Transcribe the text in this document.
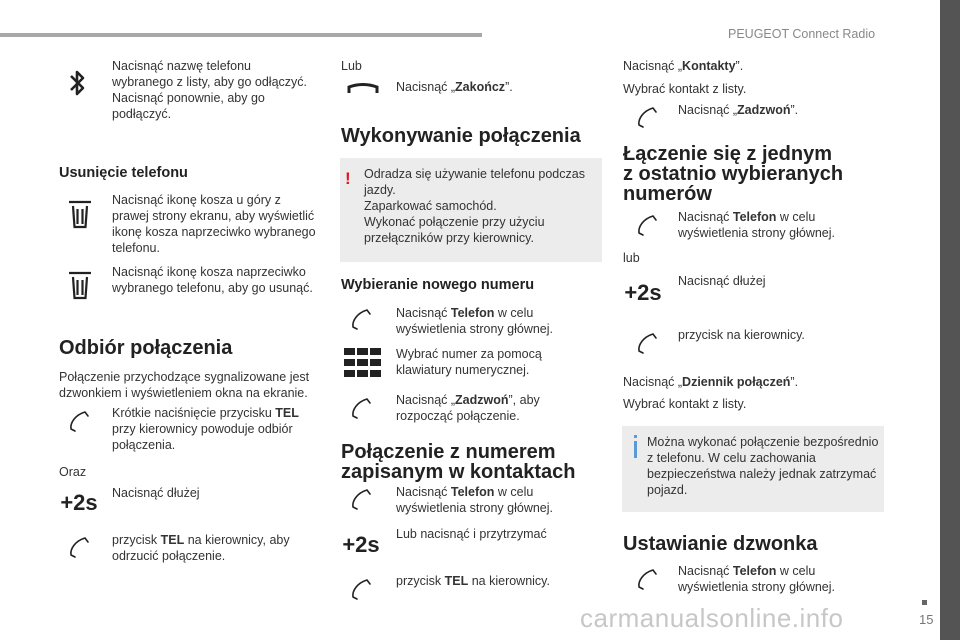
PEUGEOT Connect Radio
15
carmanualsonline.info
Nacisnąć nazwę telefonu
wybranego z listy, aby go odłączyć.
Nacisnąć ponownie, aby go
podłączyć.
Usunięcie telefonu
Nacisnąć ikonę kosza u góry z
prawej strony ekranu, aby wyświetlić
ikonę kosza naprzeciwko wybranego
telefonu.
Nacisnąć ikonę kosza naprzeciwko
wybranego telefonu, aby go usunąć.
Odbiór połączenia
Połączenie przychodzące sygnalizowane jest
dzwonkiem i wyświetleniem okna na ekranie.
Krótkie naciśnięcie przycisku TEL
przy kierownicy powoduje odbiór
połączenia.
Oraz
Nacisnąć dłużej
+2s
przycisk TEL na kierownicy, aby
odrzucić połączenie.
Lub
Nacisnąć „Zakończ”.
Wykonywanie połączenia
! Odradza się używanie telefonu podczas
jazdy.
Zaparkować samochód.
Wykonać połączenie przy użyciu
przełączników przy kierownicy.
Wybieranie nowego numeru
Nacisnąć Telefon w celu
wyświetlenia strony głównej.
Wybrać numer za pomocą
klawiatury numerycznej.
Nacisnąć „Zadzwoń”, aby
rozpocząć połączenie.
Połączenie z numerem
zapisanym w kontaktach
Nacisnąć Telefon w celu
wyświetlenia strony głównej.
+2s	Lub nacisnąć i przytrzymać
przycisk TEL na kierownicy.
Nacisnąć „Kontakty”.
Wybrać kontakt z listy.
Nacisnąć „Zadzwoń”.
Łączenie się z jednym
z ostatnio wybieranych
numerów
Nacisnąć Telefon w celu
wyświetlenia strony głównej.
lub
Nacisnąć dłużej
+2s
przycisk na kierownicy.
Nacisnąć „Dziennik połączeń”.
Wybrać kontakt z listy.
Można wykonać połączenie bezpośrednio
z telefonu. W celu zachowania
bezpieczeństwa należy jednak zatrzymać
pojazd.
Ustawianie dzwonka
Nacisnąć Telefon w celu
wyświetlenia strony głównej.
